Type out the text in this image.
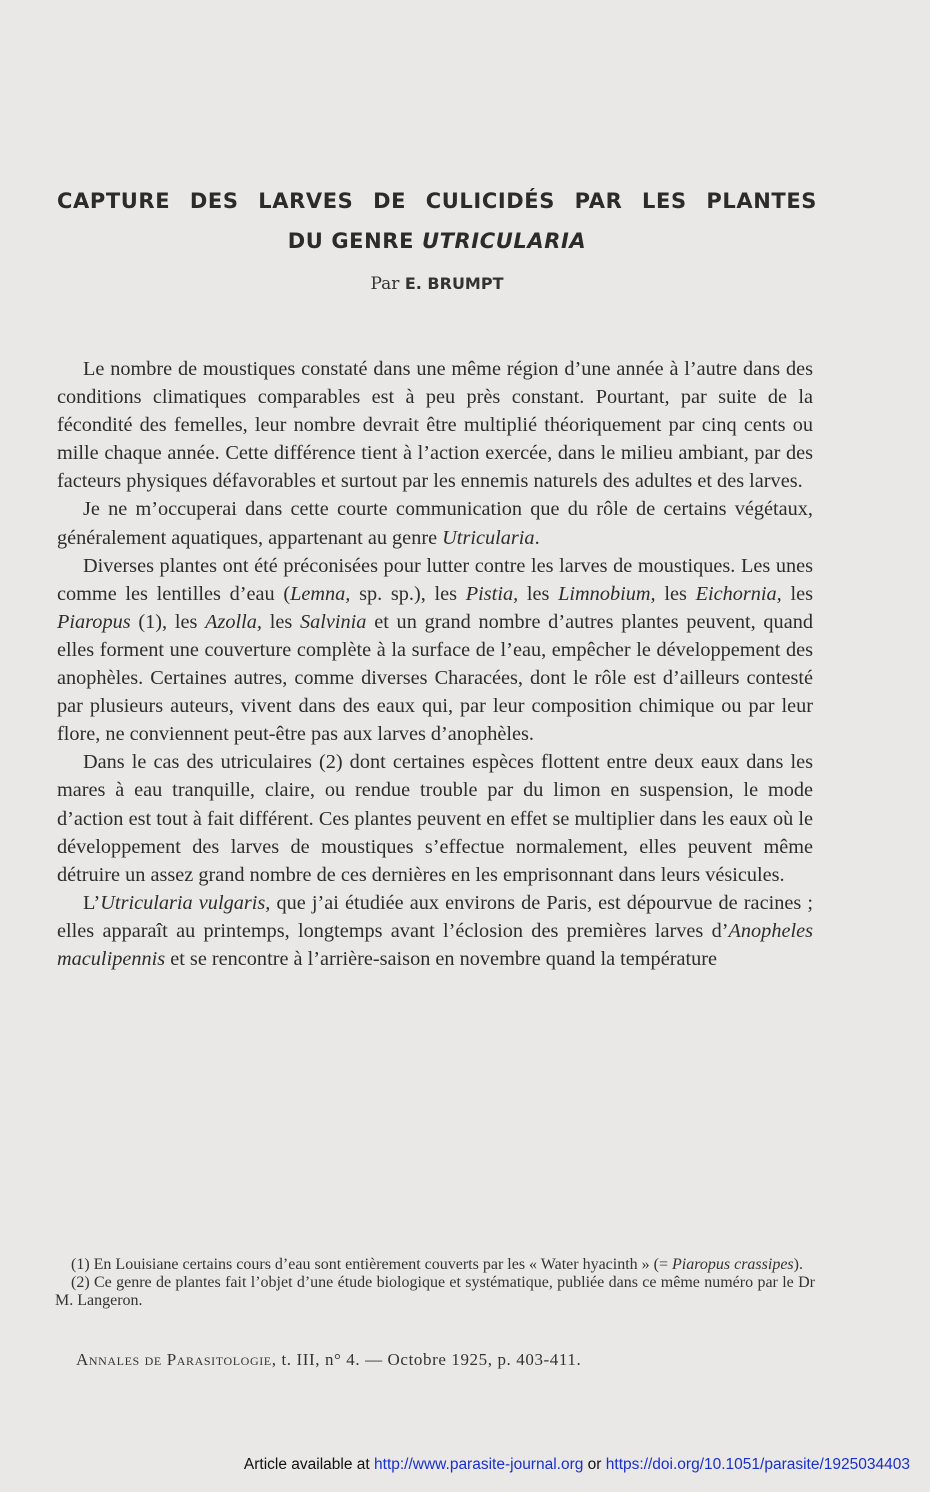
CAPTURE DES LARVES DE CULICIDÉS PAR LES PLANTES
DU GENRE UTRICULARIA
Par E. BRUMPT

Le nombre de moustiques constaté dans une même région d’une année à l’autre dans des conditions climatiques comparables est à peu près constant. Pourtant, par suite de la fécondité des femelles, leur nombre devrait être multiplié théoriquement par cinq cents ou mille chaque année. Cette différence tient à l’action exercée, dans le milieu ambiant, par des facteurs physiques défavorables et surtout par les ennemis naturels des adultes et des larves.

Je ne m’occuperai dans cette courte communication que du rôle de certains végétaux, généralement aquatiques, appartenant au genre Utricularia.

Diverses plantes ont été préconisées pour lutter contre les larves de moustiques. Les unes comme les lentilles d’eau (Lemna, sp. sp.), les Pistia, les Limnobium, les Eichornia, les Piaropus (1), les Azolla, les Salvinia et un grand nombre d’autres plantes peuvent, quand elles forment une couverture complète à la surface de l’eau, empêcher le développement des anophèles. Certaines autres, comme diverses Characées, dont le rôle est d’ailleurs contesté par plusieurs auteurs, vivent dans des eaux qui, par leur composition chimique ou par leur flore, ne conviennent peut-être pas aux larves d’anophèles.

Dans le cas des utriculaires (2) dont certaines espèces flottent entre deux eaux dans les mares à eau tranquille, claire, ou rendue trouble par du limon en suspension, le mode d’action est tout à fait différent. Ces plantes peuvent en effet se multiplier dans les eaux où le développement des larves de moustiques s’effectue normalement, elles peuvent même détruire un assez grand nombre de ces dernières en les emprisonnant dans leurs vésicules.

L’Utricularia vulgaris, que j’ai étudiée aux environs de Paris, est dépourvue de racines ; elles apparaît au printemps, longtemps avant l’éclosion des premières larves d’Anopheles maculipennis et se rencontre à l’arrière-saison en novembre quand la température

(1) En Louisiane certains cours d’eau sont entièrement couverts par les « Water hyacinth » (= Piaropus crassipes).

(2) Ce genre de plantes fait l’objet d’une étude biologique et systématique, publiée dans ce même numéro par le Dr M. Langeron.

Annales de Parasitologie, t. III, n° 4. — Octobre 1925, p. 403-411.
Article available at http://www.parasite-journal.org or https://doi.org/10.1051/parasite/1925034403
